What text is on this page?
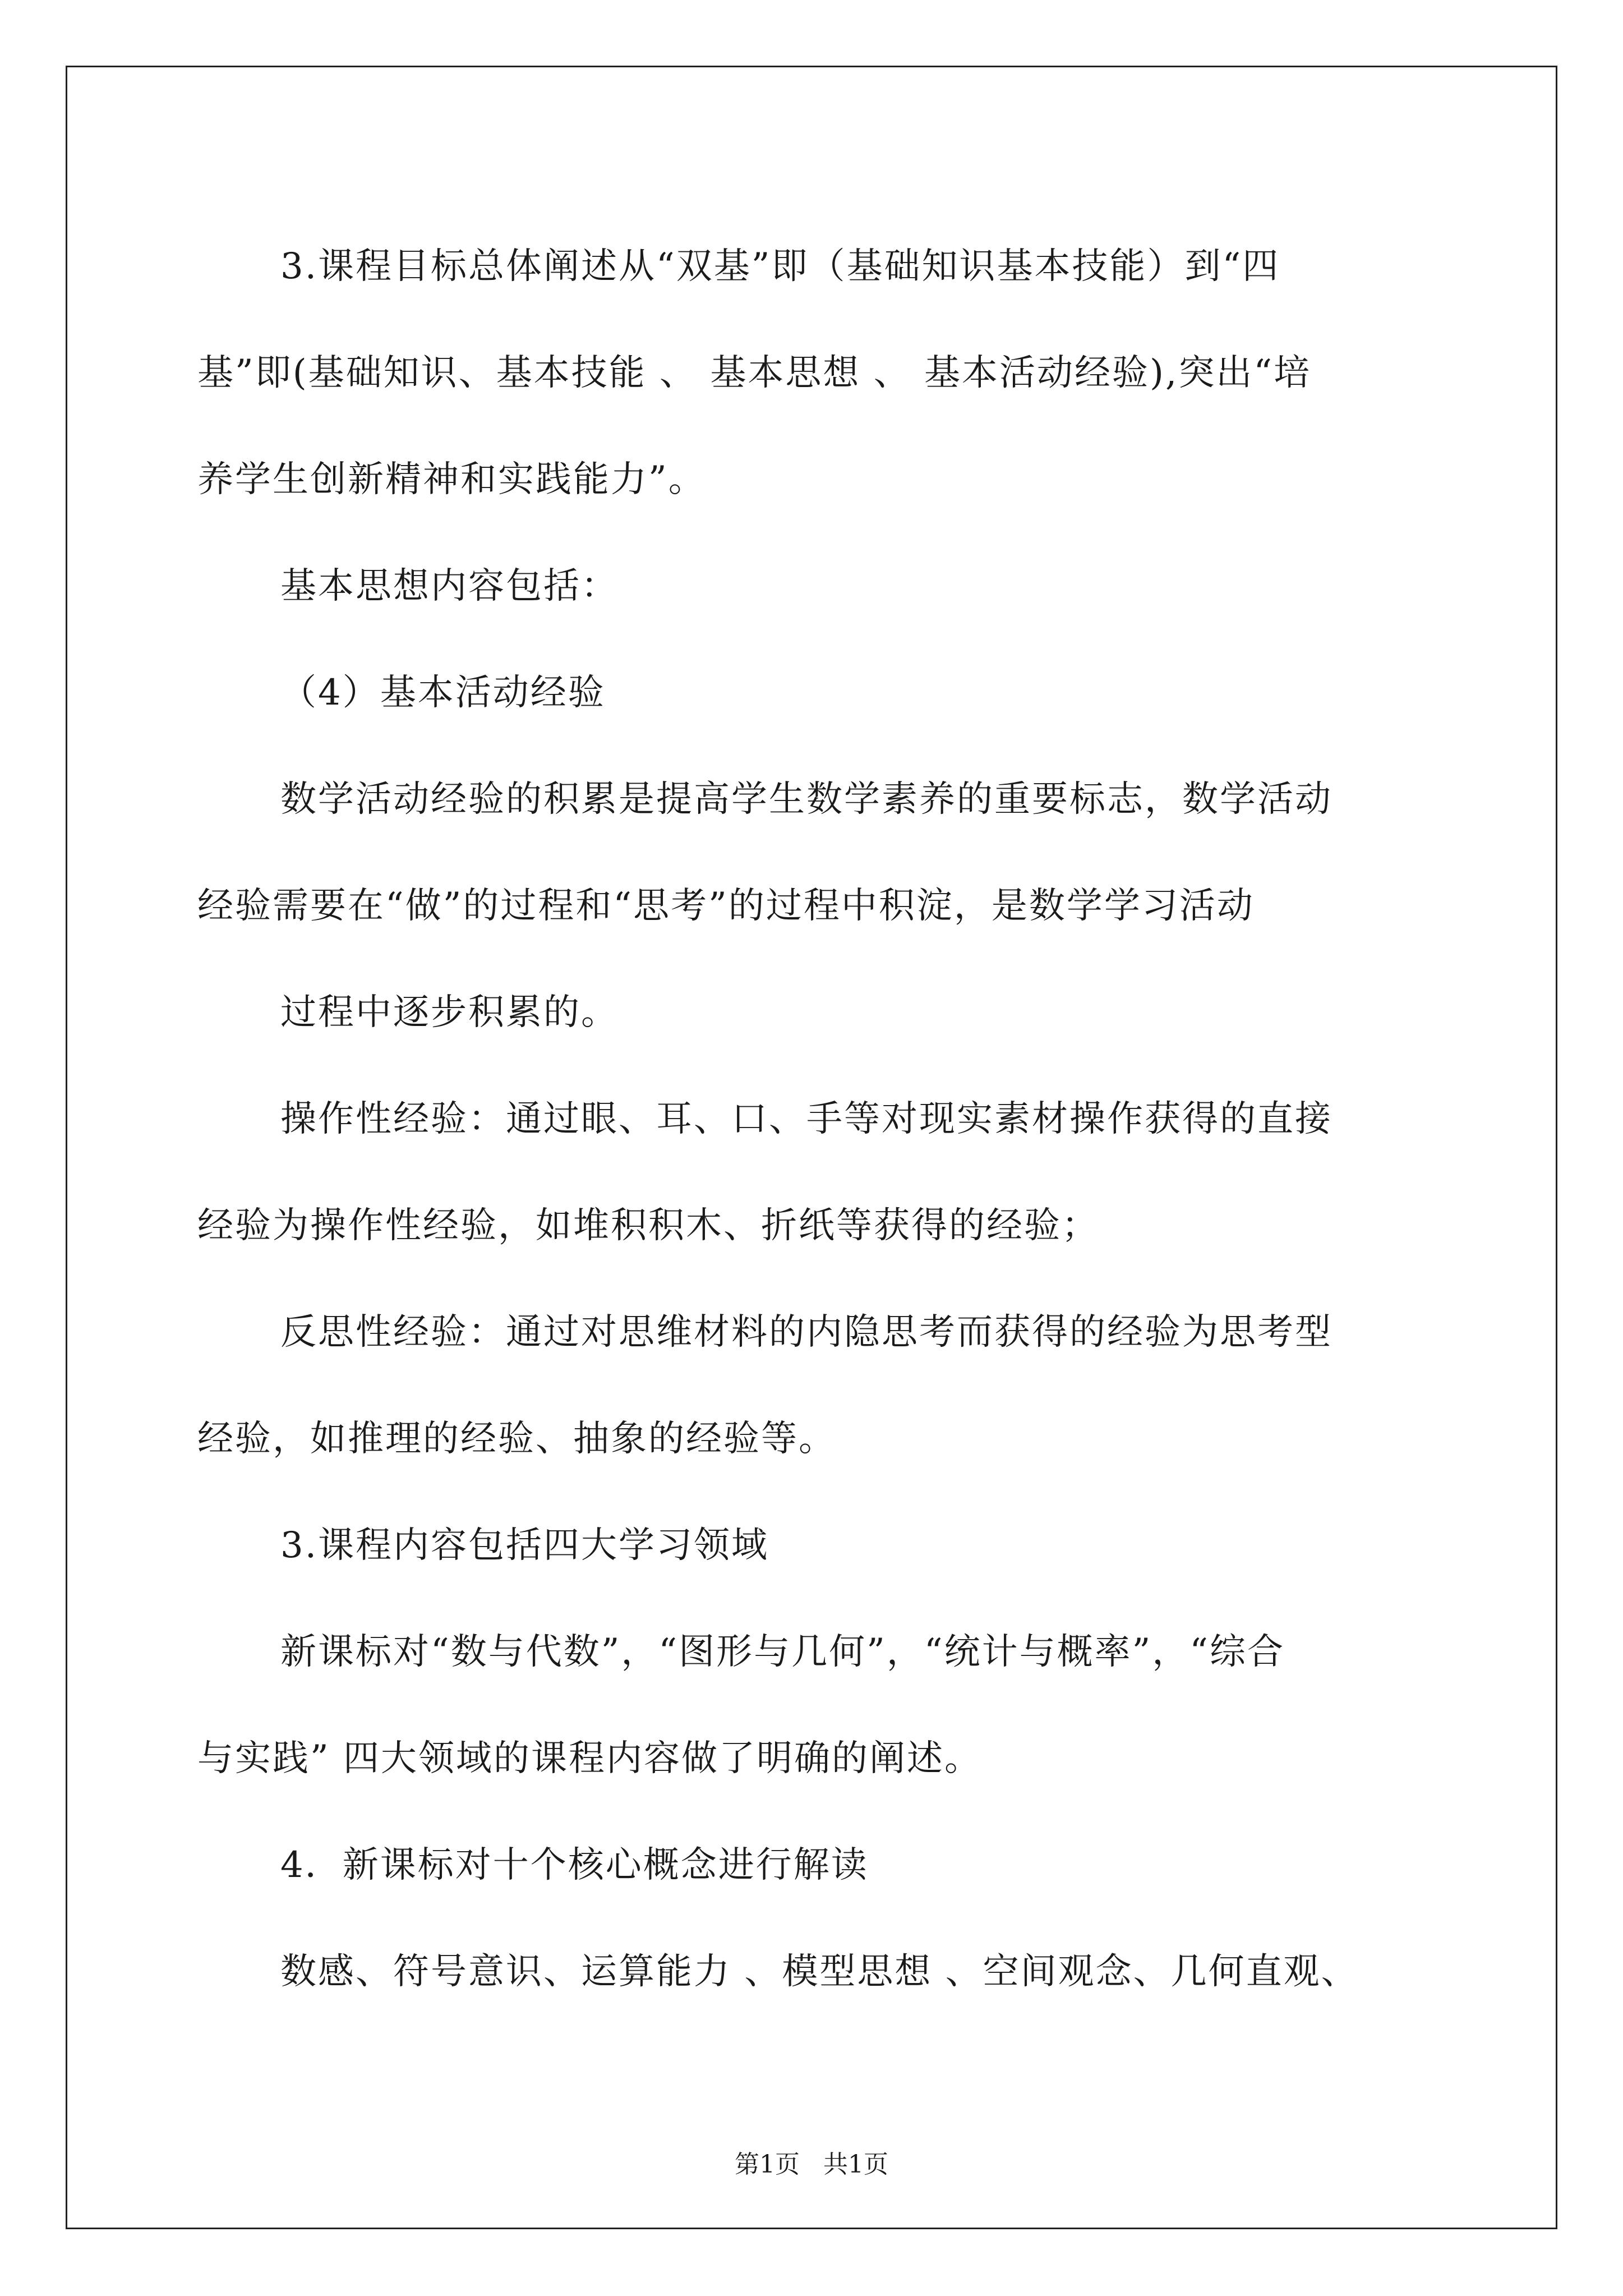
3.课程目标总体阐述从“双基”即（基础知识基本技能）到“四

基”即(基础知识、基本技能 、 基本思想 、 基本活动经验),突出“培

养学生创新精神和实践能力”。

基本思想内容包括：

（4）基本活动经验

数学活动经验的积累是提高学生数学素养的重要标志，数学活动

经验需要在“做”的过程和“思考”的过程中积淀，是数学学习活动

过程中逐步积累的。

操作性经验：通过眼、耳、口、手等对现实素材操作获得的直接

经验为操作性经验，如堆积积木、折纸等获得的经验；

反思性经验：通过对思维材料的内隐思考而获得的经验为思考型

经验，如推理的经验、抽象的经验等。

3.课程内容包括四大学习领域

新课标对“数与代数”，“图形与几何”，“统计与概率”，“综合

与实践” 四大领域的课程内容做了明确的阐述。

4．新课标对十个核心概念进行解读

数感、符号意识、运算能力 、模型思想 、空间观念、几何直观、

第1页 共1页
